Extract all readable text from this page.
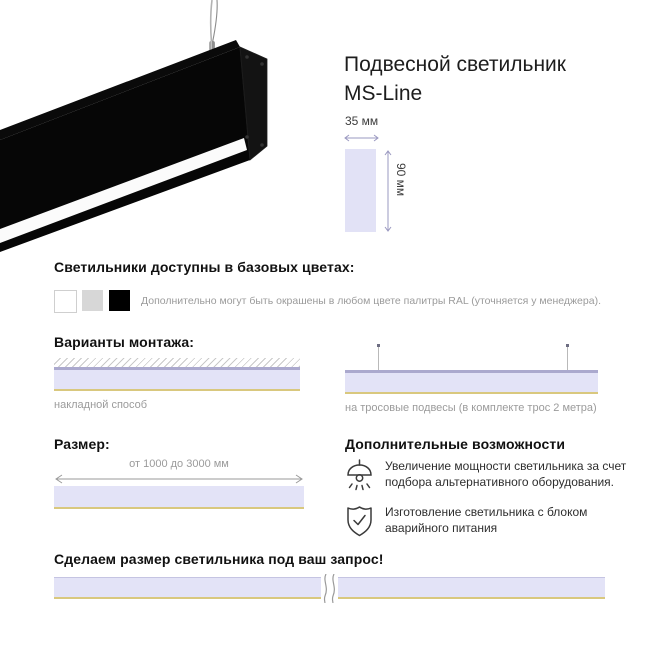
Подвесной светильник
MS-Line
35 мм
90 мм
Светильники доступны в базовых цветах:
Дополнительно могут быть окрашены в любом цвете палитры RAL (уточняется у менеджера).
Варианты монтажа:
накладной способ	на тросовые подвесы (в комплекте трос 2 метра)
Размер:
от 1000 до 3000 мм
Дополнительные возможности
Увеличение мощности светильника за счет подбора альтернативного оборудования.
Изготовление светильника с блоком аварийного питания
Сделаем размер светильника под ваш запрос!
